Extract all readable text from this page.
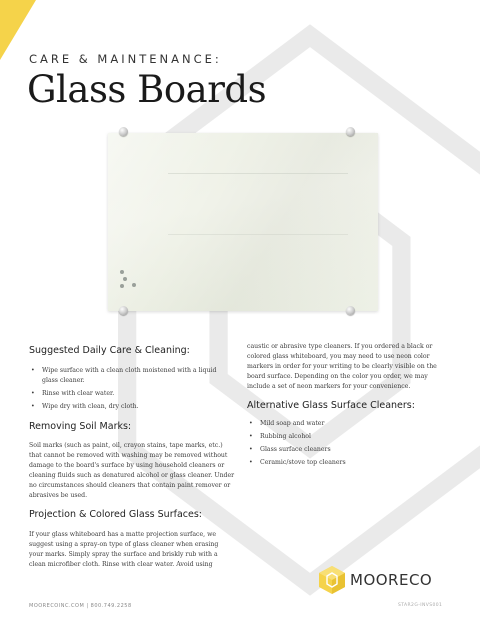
CARE & MAINTENANCE:
Glass Boards
Suggested Daily Care & Cleaning:
• Wipe surface with a clean cloth moistened with a liquid glass cleaner.
• Rinse with clear water.
• Wipe dry with clean, dry cloth.
Removing Soil Marks:

Soil marks (such as paint, oil, crayon stains, tape marks, etc.) that cannot be removed with washing may be removed without damage to the board's surface by using household cleaners or cleaning fluids such as denatured alcohol or glass cleaner. Under no circumstances should cleaners that contain paint remover or abrasives be used.

Projection & Colored Glass Surfaces:

If your glass whiteboard has a matte projection surface, we suggest using a spray-on type of glass cleaner when erasing your marks. Simply spray the surface and briskly rub with a clean microfiber cloth. Rinse with clear water. Avoid using

caustic or abrasive type cleaners. If you ordered a black or colored glass whiteboard, you may need to use neon color markers in order for your writing to be clearly visible on the board surface. Depending on the color you order, we may include a set of neon markers for your convenience.

Alternative Glass Surface Cleaners:
• Mild soap and water
• Rubbing alcohol
• Glass surface cleaners
• Ceramic/stove top cleaners
MOORECO
MOORECOINC.COM | 800.749.2258	STAR2G-INVS001
